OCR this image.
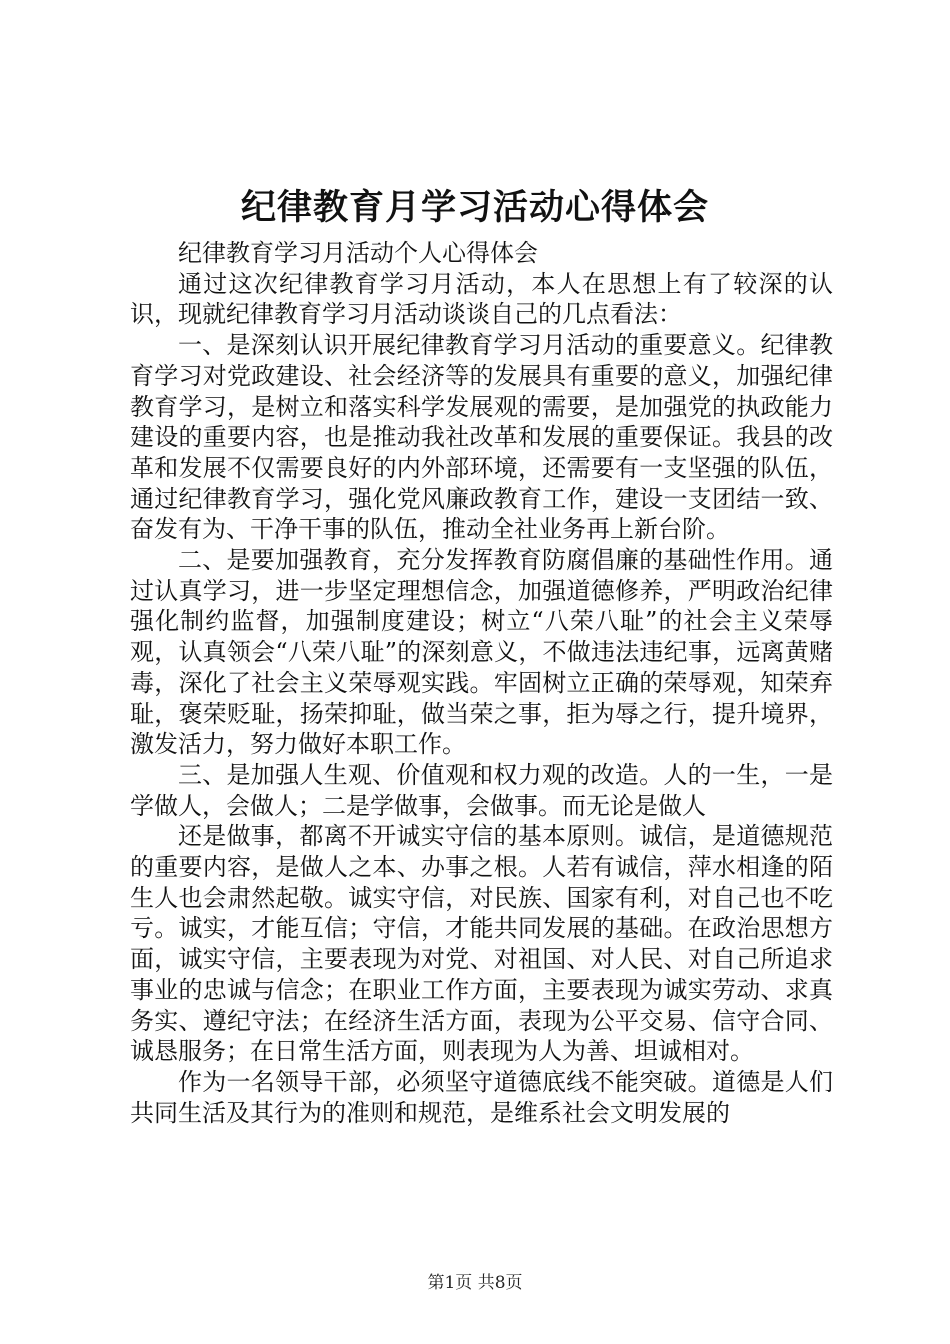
纪律教育月学习活动心得体会

纪律教育学习月活动个人心得体会

通过这次纪律教育学习月活动，本人在思想上有了较深的认识，现就纪律教育学习月活动谈谈自己的几点看法：

一、是深刻认识开展纪律教育学习月活动的重要意义。纪律教育学习对党政建设、社会经济等的发展具有重要的意义，加强纪律教育学习，是树立和落实科学发展观的需要，是加强党的执政能力建设的重要内容，也是推动我社改革和发展的重要保证。我县的改革和发展不仅需要良好的内外部环境，还需要有一支坚强的队伍，通过纪律教育学习，强化党风廉政教育工作，建设一支团结一致、奋发有为、干净干事的队伍，推动全社业务再上新台阶。

二、是要加强教育，充分发挥教育防腐倡廉的基础性作用。通过认真学习，进一步坚定理想信念，加强道德修养，严明政治纪律强化制约监督，加强制度建设；树立“八荣八耻”的社会主义荣辱观，认真领会“八荣八耻”的深刻意义，不做违法违纪事，远离黄赌毒，深化了社会主义荣辱观实践。牢固树立正确的荣辱观，知荣弃耻，褒荣贬耻，扬荣抑耻，做当荣之事，拒为辱之行，提升境界，激发活力，努力做好本职工作。

三、是加强人生观、价值观和权力观的改造。人的一生，一是学做人，会做人；二是学做事，会做事。而无论是做人

还是做事，都离不开诚实守信的基本原则。诚信，是道德规范的重要内容，是做人之本、办事之根。人若有诚信，萍水相逢的陌生人也会肃然起敬。诚实守信，对民族、国家有利，对自己也不吃亏。诚实，才能互信；守信，才能共同发展的基础。在政治思想方面，诚实守信，主要表现为对党、对祖国、对人民、对自己所追求事业的忠诚与信念；在职业工作方面，主要表现为诚实劳动、求真务实、遵纪守法；在经济生活方面，表现为公平交易、信守合同、诚恳服务；在日常生活方面，则表现为人为善、坦诚相对。

作为一名领导干部，必须坚守道德底线不能突破。道德是人们共同生活及其行为的准则和规范，是维系社会文明发展的

第1页 共8页
